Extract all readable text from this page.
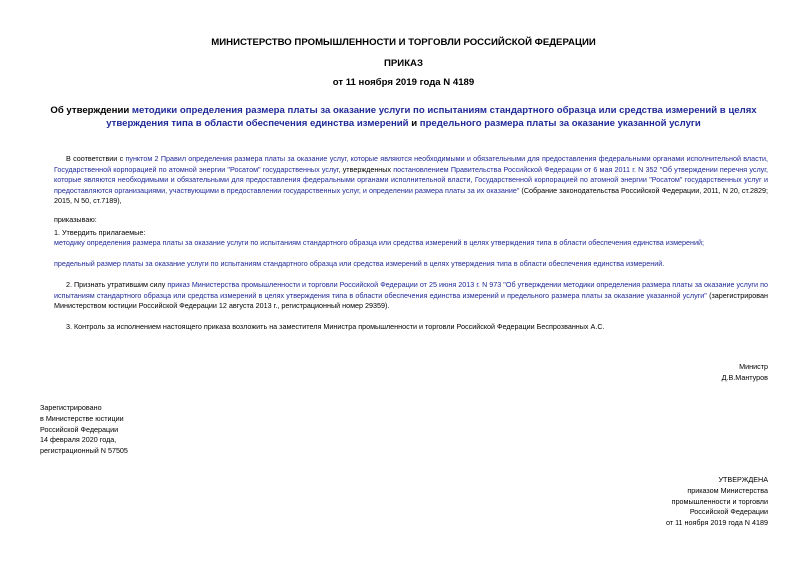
МИНИСТЕРСТВО ПРОМЫШЛЕННОСТИ И ТОРГОВЛИ РОССИЙСКОЙ ФЕДЕРАЦИИ
ПРИКАЗ
от 11 ноября 2019 года N 4189
Об утверждении методики определения размера платы за оказание услуги по испытаниям стандартного образца или средства измерений в целях утверждения типа в области обеспечения единства измерений и предельного размера платы за оказание указанной услуги
В соответствии с пунктом 2 Правил определения размера платы за оказание услуг, которые являются необходимыми и обязательными для предоставления федеральными органами исполнительной власти, Государственной корпорацией по атомной энергии "Росатом" государственных услуг, утвержденных постановлением Правительства Российской Федерации от 6 мая 2011 г. N 352 "Об утверждении перечня услуг, которые являются необходимыми и обязательными для предоставления федеральными органами исполнительной власти, Государственной корпорацией по атомной энергии "Росатом" государственных услуг и предоставляются организациями, участвующими в предоставлении государственных услуг, и определении размера платы за их оказание" (Собрание законодательства Российской Федерации, 2011, N 20, ст.2829; 2015, N 50, ст.7189),
приказываю:
1. Утвердить прилагаемые:
методику определения размера платы за оказание услуги по испытаниям стандартного образца или средства измерений в целях утверждения типа в области обеспечения единства измерений;
предельный размер платы за оказание услуги по испытаниям стандартного образца или средства измерений в целях утверждения типа в области обеспечения единства измерений.
2. Признать утратившим силу приказ Министерства промышленности и торговли Российской Федерации от 25 июня 2013 г. N 973 "Об утверждении методики определения размера платы за оказание услуги по испытаниям стандартного образца или средства измерений в целях утверждения типа в области обеспечения единства измерений и предельного размера платы за оказание указанной услуги" (зарегистрирован Министерством юстиции Российской Федерации 12 августа 2013 г., регистрационный номер 29359).
3. Контроль за исполнением настоящего приказа возложить на заместителя Министра промышленности и торговли Российской Федерации Беспрозванных А.С.
Министр
Д.В.Мантуров
Зарегистрировано
в Министерстве юстиции
Российской Федерации
14 февраля 2020 года,
регистрационный N 57505
УТВЕРЖДЕНА
приказом Министерства
промышленности и торговли
Российской Федерации
от 11 ноября 2019 года N 4189
